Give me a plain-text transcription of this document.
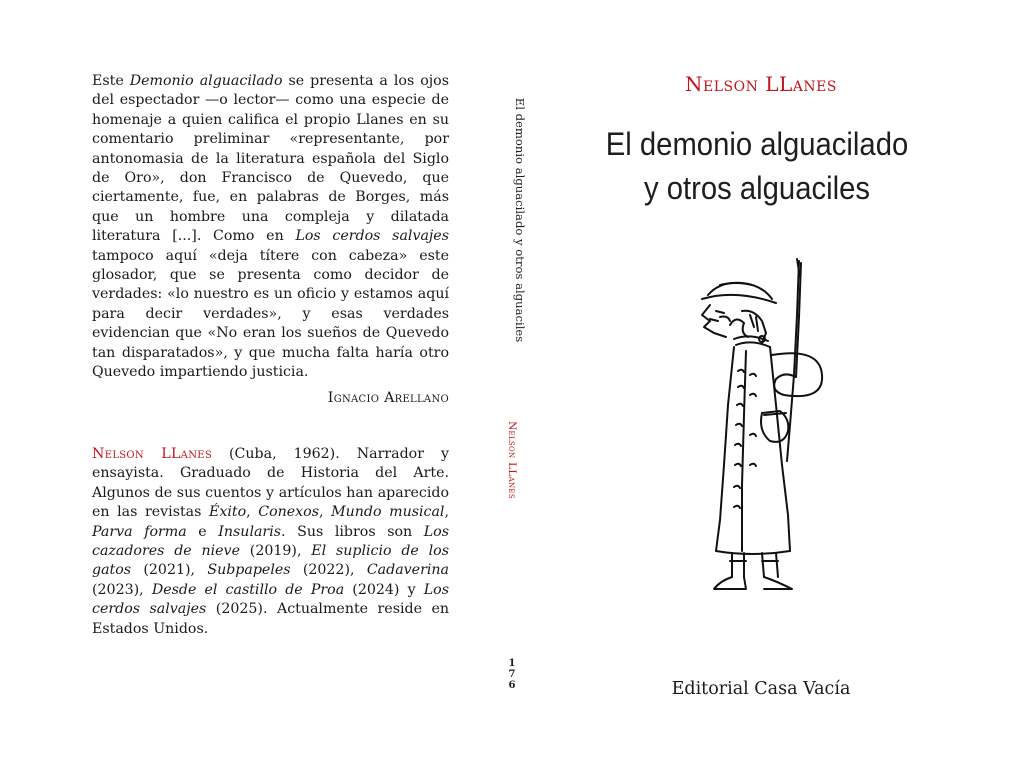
Este Demonio alguacilado se presenta a los ojos del espectador —o lector— como una especie de homenaje a quien califica el propio Llanes en su comentario preliminar «representante, por antonomasia de la literatura española del Siglo de Oro», don Francisco de Quevedo, que ciertamente, fue, en palabras de Borges, más que un hombre una compleja y dilatada literatura [...]. Como en Los cerdos salvajes tampoco aquí «deja títere con cabeza» este glosador, que se presenta como decidor de verdades: «lo nuestro es un oficio y estamos aquí para decir verdades», y esas verdades evidencian que «No eran los sueños de Quevedo tan disparatados», y que mucha falta haría otro Quevedo impartiendo justicia.

Ignacio Arellano

Nelson LLanes (Cuba, 1962). Narrador y ensayista. Graduado de Historia del Arte. Algunos de sus cuentos y artículos han aparecido en las revistas Éxito, Conexos, Mundo musical, Parva forma e Insularis. Sus libros son Los cazadores de nieve (2019), El suplicio de los gatos (2021), Subpapeles (2022), Cadaverina (2023), Desde el castillo de Proa (2024) y Los cerdos salvajes (2025). Actualmente reside en Estados Unidos.

El demonio alguacilado y otros alguaciles
Nelson LLanes
1
7
6
Nelson LLanes
El demonio alguacilado
y otros alguaciles
Editorial Casa Vacía
